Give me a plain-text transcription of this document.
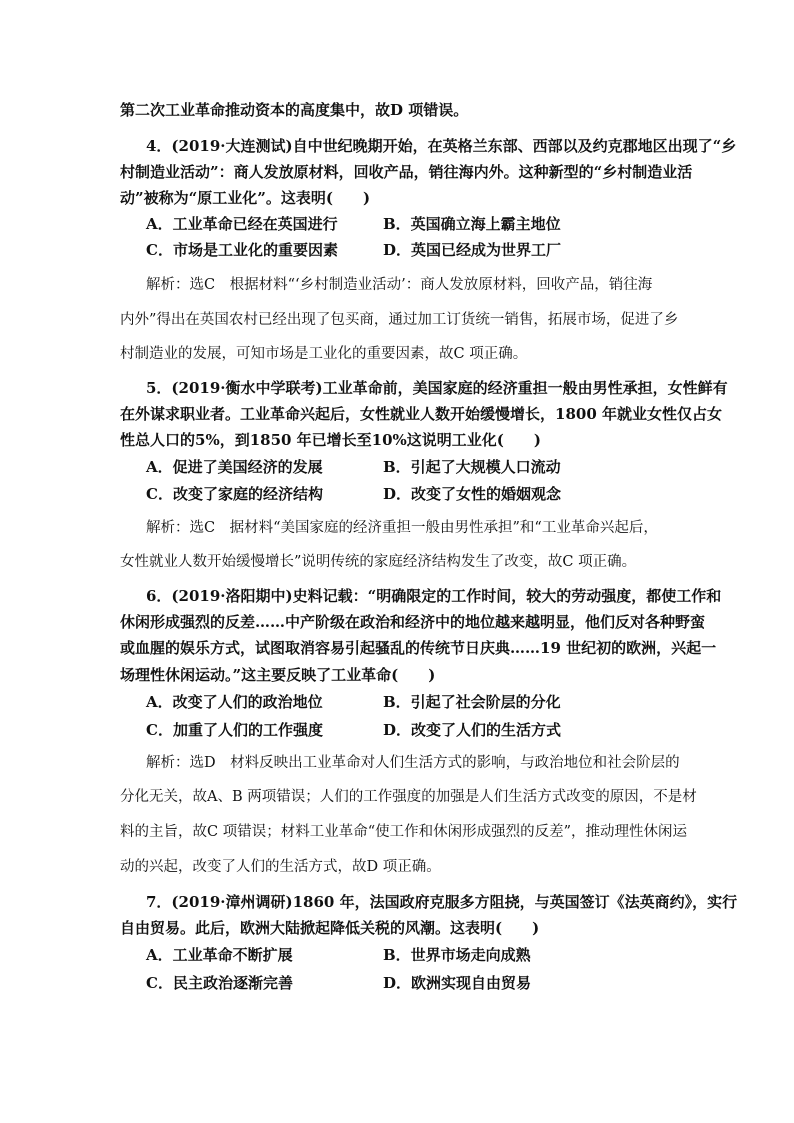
第二次工业革命推动资本的高度集中，故D 项错误。
4．(2019·大连测试)自中世纪晚期开始，在英格兰东部、西部以及约克郡地区出现了“乡
村制造业活动”：商人发放原材料，回收产品，销往海内外。这种新型的“乡村制造业活
动”被称为“原工业化”。这表明(　　)
A．工业革命已经在英国进行	B．英国确立海上霸主地位
C．市场是工业化的重要因素	D．英国已经成为世界工厂
解析：选C　根据材料“‘乡村制造业活动’：商人发放原材料，回收产品，销往海
内外”得出在英国农村已经出现了包买商，通过加工订货统一销售，拓展市场，促进了乡
村制造业的发展，可知市场是工业化的重要因素，故C 项正确。
5．(2019·衡水中学联考)工业革命前，美国家庭的经济重担一般由男性承担，女性鲜有
在外谋求职业者。工业革命兴起后，女性就业人数开始缓慢增长，1800 年就业女性仅占女
性总人口的5%，到1850 年已增长至10%这说明工业化(　　)
A．促进了美国经济的发展	B．引起了大规模人口流动
C．改变了家庭的经济结构	D．改变了女性的婚姻观念
解析：选C　据材料“美国家庭的经济重担一般由男性承担”和“工业革命兴起后，
女性就业人数开始缓慢增长”说明传统的家庭经济结构发生了改变，故C 项正确。
6．(2019·洛阳期中)史料记载：“明确限定的工作时间，较大的劳动强度，都使工作和
休闲形成强烈的反差……中产阶级在政治和经济中的地位越来越明显，他们反对各种野蛮
或血腥的娱乐方式，试图取消容易引起骚乱的传统节日庆典……19 世纪初的欧洲，兴起一
场理性休闲运动。”这主要反映了工业革命(　　)
A．改变了人们的政治地位	B．引起了社会阶层的分化
C．加重了人们的工作强度	D．改变了人们的生活方式
解析：选D　材料反映出工业革命对人们生活方式的影响，与政治地位和社会阶层的
分化无关，故A、B 两项错误；人们的工作强度的加强是人们生活方式改变的原因，不是材
料的主旨，故C 项错误；材料工业革命“使工作和休闲形成强烈的反差”，推动理性休闲运
动的兴起，改变了人们的生活方式，故D 项正确。
7．(2019·漳州调研)1860 年，法国政府克服多方阻挠，与英国签订《法英商约》，实行
自由贸易。此后，欧洲大陆掀起降低关税的风潮。这表明(　　)
A．工业革命不断扩展	B．世界市场走向成熟
C．民主政治逐渐完善	D．欧洲实现自由贸易
